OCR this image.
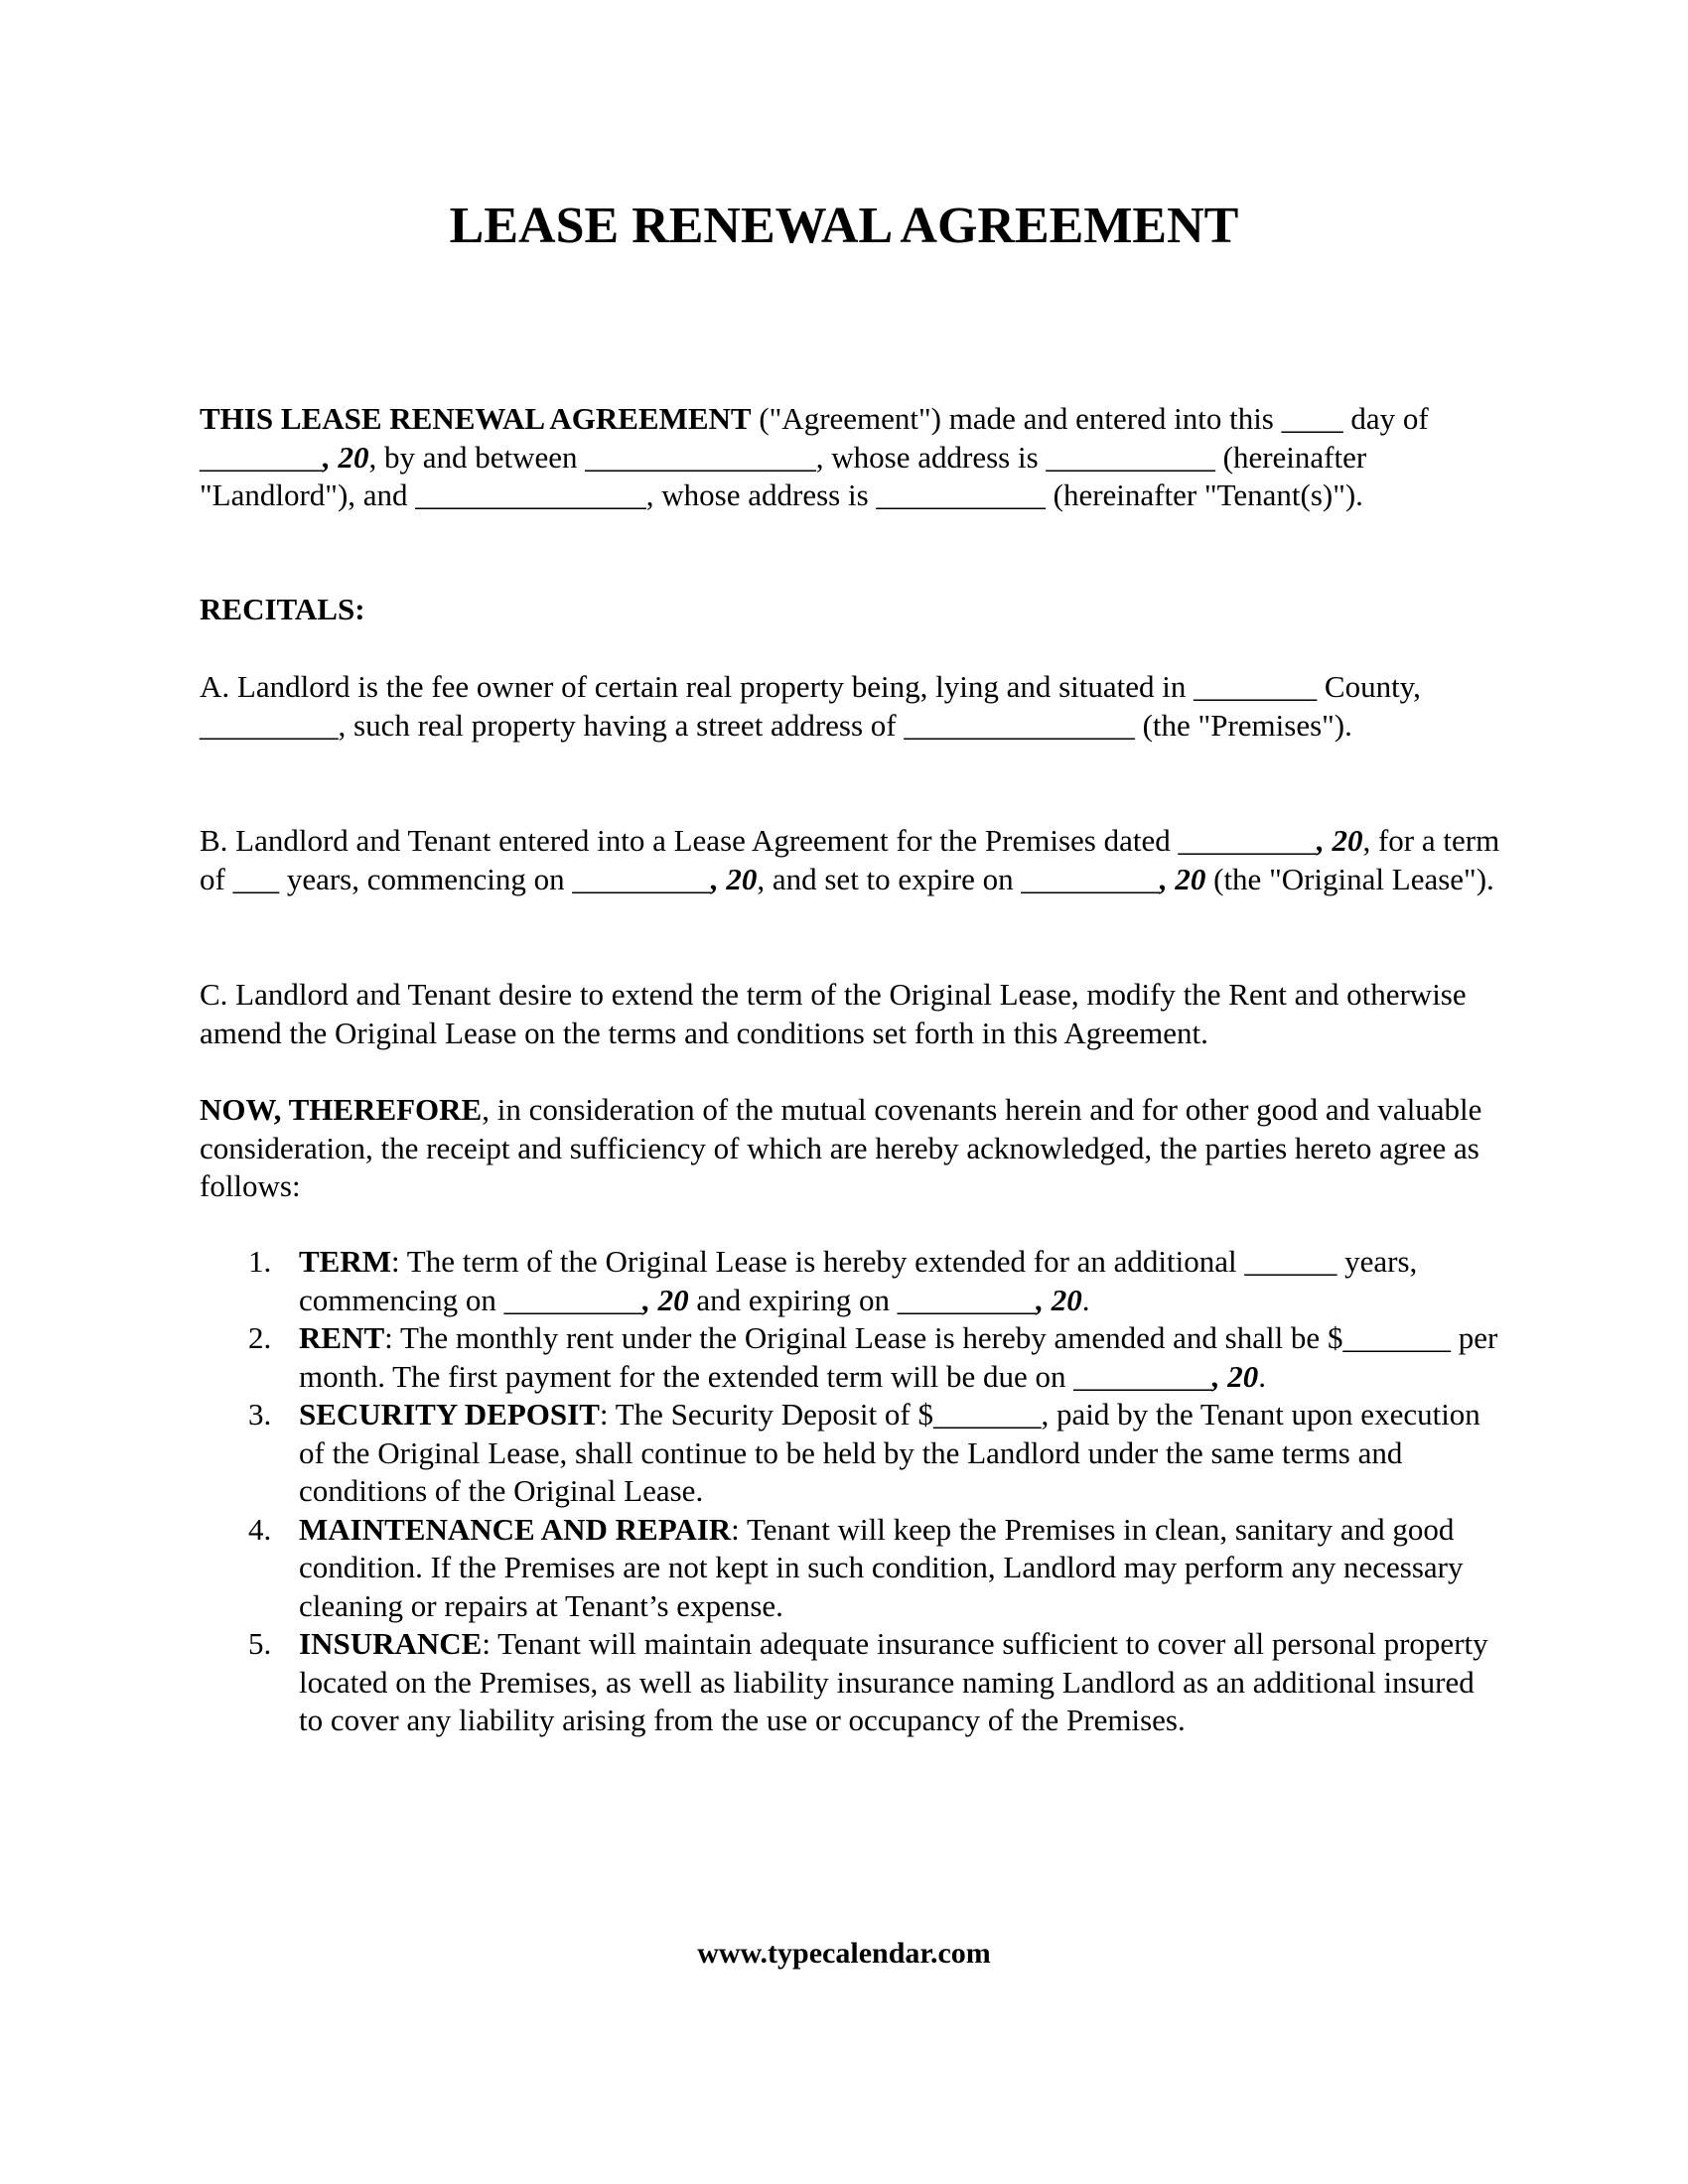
LEASE RENEWAL AGREEMENT

THIS LEASE RENEWAL AGREEMENT ("Agreement") made and entered into this ____ day of ________, 20, by and between _______________, whose address is ___________ (hereinafter "Landlord"), and _______________, whose address is ___________ (hereinafter "Tenant(s)").

RECITALS:

A. Landlord is the fee owner of certain real property being, lying and situated in ________ County, _________, such real property having a street address of _______________ (the "Premises").

B. Landlord and Tenant entered into a Lease Agreement for the Premises dated _________, 20, for a term of ___ years, commencing on _________, 20, and set to expire on _________, 20 (the "Original Lease").

C. Landlord and Tenant desire to extend the term of the Original Lease, modify the Rent and otherwise amend the Original Lease on the terms and conditions set forth in this Agreement.

NOW, THEREFORE, in consideration of the mutual covenants herein and for other good and valuable consideration, the receipt and sufficiency of which are hereby acknowledged, the parties hereto agree as follows:

1. TERM: The term of the Original Lease is hereby extended for an additional ______ years, commencing on _________, 20 and expiring on _________, 20.
2. RENT: The monthly rent under the Original Lease is hereby amended and shall be $_______ per month. The first payment for the extended term will be due on _________, 20.
3. SECURITY DEPOSIT: The Security Deposit of $_______, paid by the Tenant upon execution of the Original Lease, shall continue to be held by the Landlord under the same terms and conditions of the Original Lease.
4. MAINTENANCE AND REPAIR: Tenant will keep the Premises in clean, sanitary and good condition. If the Premises are not kept in such condition, Landlord may perform any necessary cleaning or repairs at Tenant’s expense.
5. INSURANCE: Tenant will maintain adequate insurance sufficient to cover all personal property located on the Premises, as well as liability insurance naming Landlord as an additional insured to cover any liability arising from the use or occupancy of the Premises.

www.typecalendar.com
